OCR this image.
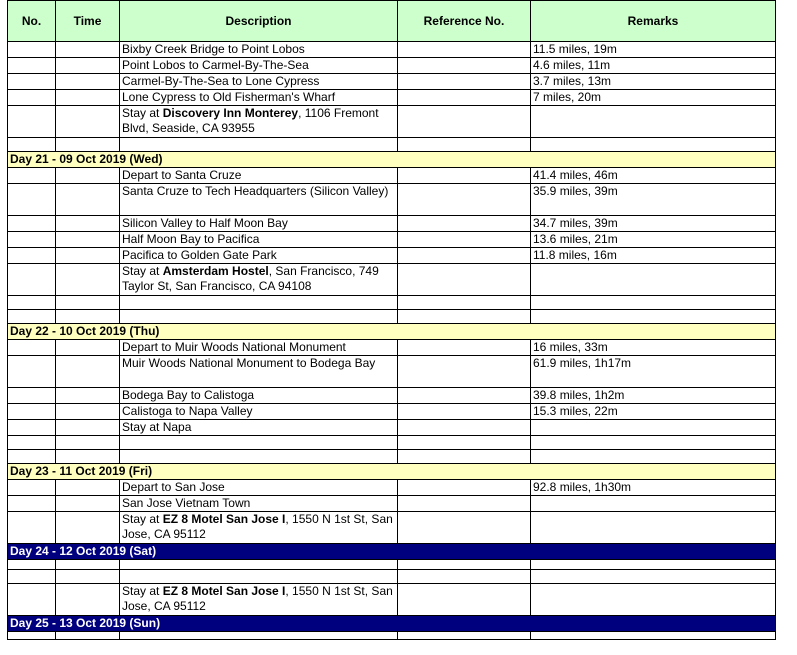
No.	Time	Description	Reference No.	Remarks
		Bixby Creek Bridge to Point Lobos		11.5 miles, 19m
		Point Lobos to Carmel-By-The-Sea		4.6 miles, 11m
		Carmel-By-The-Sea to Lone Cypress		3.7 miles, 13m
		Lone Cypress to Old Fisherman's Wharf		7 miles, 20m
		Stay at Discovery Inn Monterey, 1106 Fremont Blvd, Seaside, CA 93955		

Day 21 - 09 Oct 2019 (Wed)				
		Depart to Santa Cruze		41.4 miles, 46m
		Santa Cruze to Tech Headquarters (Silicon Valley)		35.9 miles, 39m
		Silicon Valley to Half Moon Bay		34.7 miles, 39m
		Half Moon Bay to Pacifica		13.6 miles, 21m
		Pacifica to Golden Gate Park		11.8 miles, 16m
		Stay at Amsterdam Hostel, San Francisco, 749 Taylor St, San Francisco, CA 94108		

Day 22 - 10 Oct 2019 (Thu)				
		Depart to Muir Woods National Monument		16 miles, 33m
		Muir Woods National Monument to Bodega Bay		61.9 miles, 1h17m
		Bodega Bay to Calistoga		39.8 miles, 1h2m
		Calistoga to Napa Valley		15.3 miles, 22m
		Stay at Napa		

Day 23 - 11 Oct 2019 (Fri)				
		Depart to San Jose		92.8 miles, 1h30m
		San Jose Vietnam Town		
		Stay at EZ 8 Motel San Jose I, 1550 N 1st St, San Jose, CA 95112		
Day 24 - 12 Oct 2019 (Sat)				

		Stay at EZ 8 Motel San Jose I, 1550 N 1st St, San Jose, CA 95112		
Day 25 - 13 Oct 2019 (Sun)				
